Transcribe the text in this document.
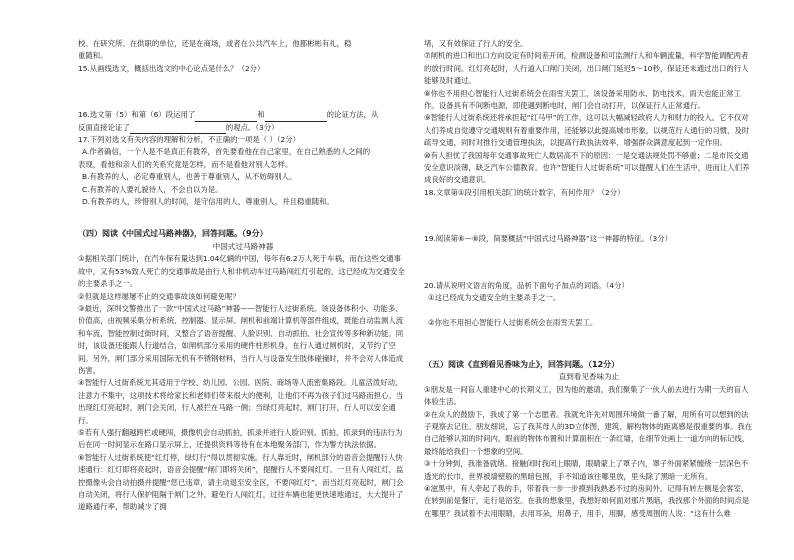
校、在研究所、在供职的单位，还是在商场，或者在公共汽车上，他都彬彬有礼，稳

重随和。

15.从画线选文，概括出选文的中心论点是什么？（2分）

16.选文第（5）和第（6）段运用了	和	的论证方法，从

反面直接论证了	的观点。（3分）

17.下列对选文有关内容的理解和分析，不正确的一项是（ ）（2分）

A.作者确信，一个人是不是真正有教养，首先要看他在自己家里，在自己熟悉的人之间的

表现，看他和亲人们的关系究竟是怎样，而不是看他对别人怎样。

B.有教养的人，必定尊重别人，也善于尊重别人，从不妨碍别人。

C.有教养的人要礼貌待人，不会自以为是。

D.有教养的人，珍惜别人的时间，是守信用的人，尊重别人，并且稳重随和。

（四）阅读《中国式过马路神器》，回答问题。（9分）

中国式过马路神器

①据相关部门统计，在汽车保有量达到1.04亿辆的中国，每年有6.2万人死于车祸，而在这些交通事故中，又有53%致人死亡的交通事故是由行人和非机动车过马路闯红灯引起的，这已经成为交通安全的主要杀手之一。

②但就是这样屡屡不止的交通事故该如何避免呢？

③最近，深圳交警推出了一款“中国式过马路”神器——智能行人过街系统。该设备体积小、功能多、价值高，由视频采集分析系统、控制器、显示屏、闸机和前端计算机等部件组成，既能自动监测人流和车流，智能控制过街时间，又整合了语音提醒、人脸识别、自动抓拍、社会宣传等多种新功能。同时，该设备还能跟人行道结合，如闸机部分采用的硬件柱形机身，在行人通过闸机时，又节约了空间。另外，闸门部分采用国际无机有不锈钢材料，当行人与设备发生肢体碰撞时，并不会对人体造成伤害。

④智能行人过街系统尤其适用于学校、幼儿园、公园、医院、商场等人流密集路段。儿童活泼好动，注意力不集中，这项技术将给家长和老师们带来很大的便利，让他们不再为孩子们过马路而担心。当出现红灯亮起时，闸门会关闭，行人被拦在马路一侧；当绿灯亮起时，闸门打开，行人可以安全通行。

⑤若有人强行翻越跨栏或硬闯，摄像机会自动抓拍，抓录并进行人脸识别。抓拍、抓录到的违法行为后在同一时间显示在路口显示屏上，还提供资料等待有在本地聚务部门，作为警方执法依据。

⑥智能行人过街系统使“红灯停，绿灯行”得以贯彻实施。行人靠近时，闸机部分的语音会提醒行人快速通行：红灯即将亮起时，语音会提醒“闸门即将关闭”，提醒行人不要闯红灯。一旦有人闯红灯，监控摄像头会自动拍摄并提醒“您已违章，请主动退至安全区，不要闯红灯”。而当红灯亮起时，闸门会自动关闭，将行人保护阻隔于闸门之外，避免行人闯红灯，过往车辆也能更快速地通过，大大提升了道路通行率，帮助减少了拥

堵，又有效保证了行人的安全。

⑦闸机的进口和出口方向设定有时间差开闭，检测设备和可监测行人和车辆流量，科学智能调配两者的放行时间。红灯亮起时，人行道入口闸门关闭，出口闸门延迟5～10秒，保证还未通过出口的行人能够及时通过。

⑧你也不用担心智能行人过街系统会在雨雪天罢工，该设备采用防水、防电技术，雨天也能正常工作。设备具有不间断电源，即使遇到断电时，闸门会自动打开，以保证行人正常通行。

⑨智能行人过街系统还将承担起“红马甲”的工作，这可以大幅减轻政府人力和财力的投入。它不仅对人们养成自觉遵守交通规则有着重要作用，还能够以此提高城市形象，以规范行人通行的习惯，及时疏导交通，同时对推行交通管理执法，以提高行政执法效率、增强群众满意度起到一定作用。

⑩有人担忧了我国每年交通事故死亡人数居高不下的原因：一是交通法规处罚不够重；二是市民交通安全意识淡薄，缺乏汽车公德教育。也许“智能行人过街系统”可以提醒人们在生活中，进而让人们养成良好的交通意识。

18.文章第①段引用相关部门的统计数字，有何作用？（2分）

19.阅读第⑥—⑧段，简要概括“中国式过马路神器”这一神器的特征。（3分）

20.请从说明文语言的角度，品析下面句子加点的词语。（4分）

①这已经成为交通安全的主要杀手之一。

②你也不用担心智能行人过街系统会在雨雪天罢工。

（五）阅读《直到看见香味为止》，回答问题。（12分）

直到看见香味为止

①朋友是一间盲人重建中心的长期义工，因为他的邀请，我们聚集了一伙人前去进行为期一天的盲人体验生活。

②在众人的鼓励下，我成了第一个志愿者。我就允许先对周围环境做一番了解，用所有可以想到的法子观察去记住。朋友细说，忘了我其母人的3D立体图，建筑、解构物体的距离感是很重要的事。我在自己能够认知的时间内，眼前的物体布置和计算面积在一条红墙，在细节处画上一道方向的标记线，最终能给我们一个想象的空间。

③十分钟到，我准备就绪。接触闭时我闭上眼睛，眼睛蒙上了罩子内，罩子外面紧紧缠绕一层深色不透光的长巾，世界被墙壁般的黑暗包围，手不知道该往哪里放，里头除了黑暗一无所有。

④滋黑中，有人牵起了我的手，带着我一步一步摸到我熟悉不过的房间外。记得有转左侧是会客室，在转到前是餐厅，走行是浴室。在我的想象里，我想好如何面对那片黑暗，我找那个外面的时间点是在哪里？我试着不去用眼睛，去用耳朵，用鼻子，用手，用脚，感受周围的人说：“这有什么难
